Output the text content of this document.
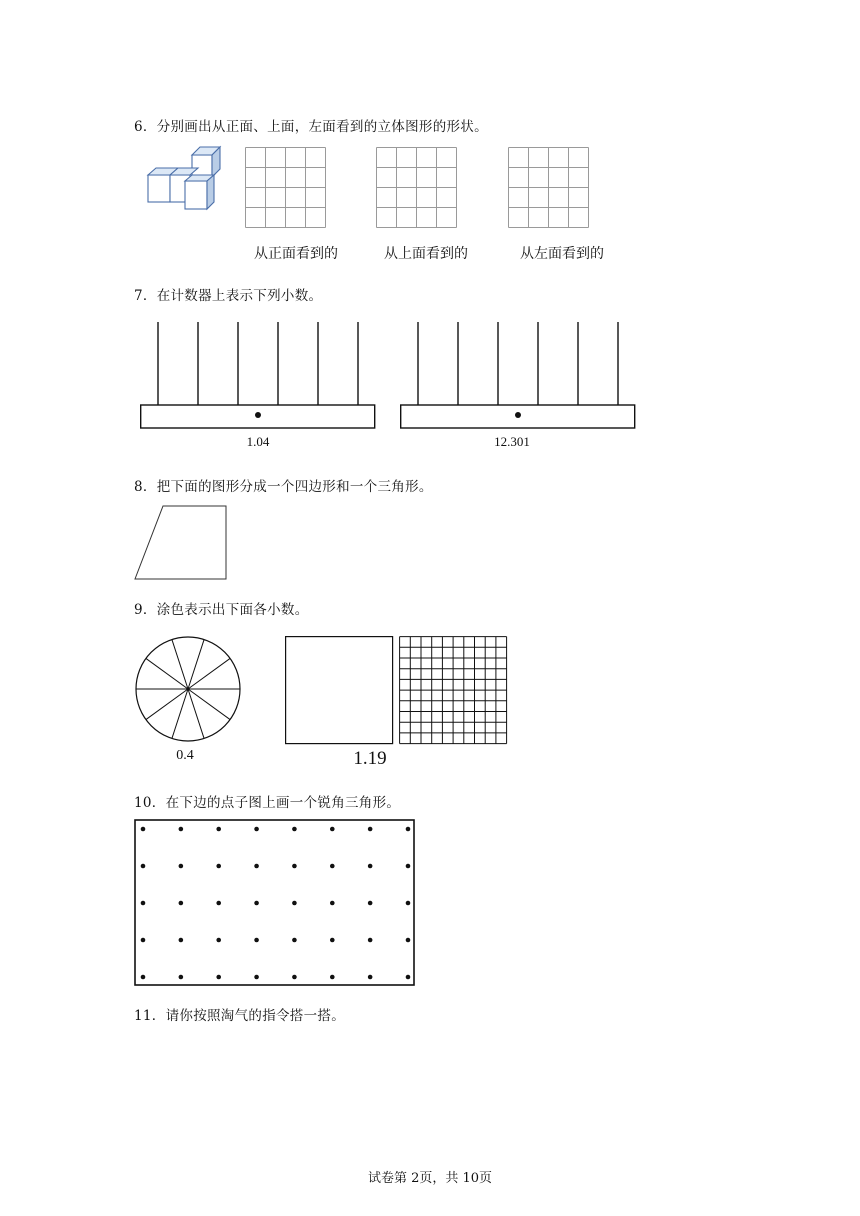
6．分别画出从正面、上面，左面看到的立体图形的形状。
从正面看到的	从上面看到的	从左面看到的
7．在计数器上表示下列小数。
1.04	12.301
8．把下面的图形分成一个四边形和一个三角形。
9．涂色表示出下面各小数。
0.4	1.19
10．在下边的点子图上画一个锐角三角形。
11．请你按照淘气的指令搭一搭。
试卷第 2页，共 10页
